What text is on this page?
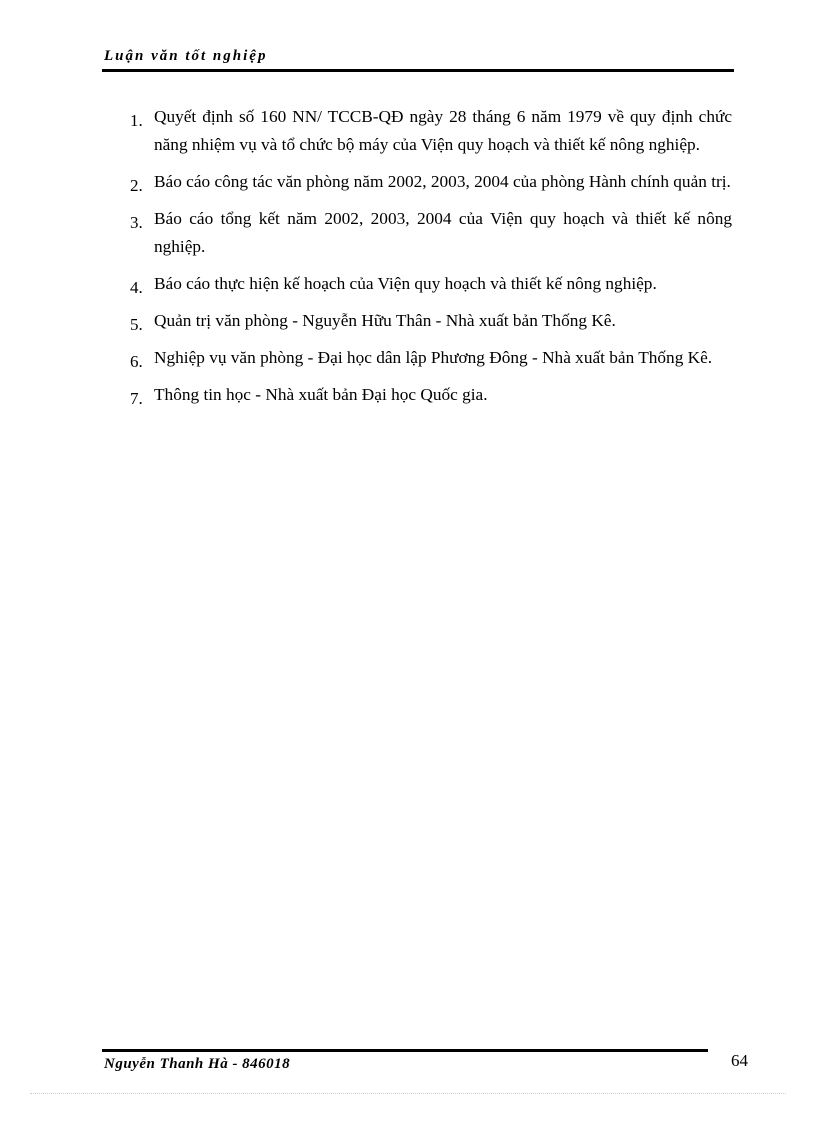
Luận văn tốt nghiệp
1. Quyết định số 160 NN/ TCCB-QĐ ngày 28 tháng 6 năm 1979 về quy định chức năng nhiệm vụ và tổ chức bộ máy của Viện quy hoạch và thiết kế nông nghiệp.
2. Báo cáo công tác văn phòng năm 2002, 2003, 2004 của phòng Hành chính quản trị.
3. Báo cáo tổng kết năm 2002, 2003, 2004 của Viện quy hoạch và thiết kế nông nghiệp.
4. Báo cáo thực hiện kế hoạch của Viện quy hoạch và thiết kế nông nghiệp.
5. Quản trị văn phòng - Nguyễn Hữu Thân - Nhà xuất bản Thống Kê.
6. Nghiệp vụ văn phòng - Đại học dân lập Phương Đông - Nhà xuất bản Thống Kê.
7. Thông tin học - Nhà xuất bản Đại học Quốc gia.
Nguyễn Thanh Hà - 846018	64
